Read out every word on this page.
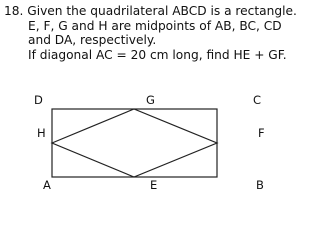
18. Given the quadrilateral ABCD is a rectangle.
E, F, G and H are midpoints of AB, BC, CD
and DA, respectively.
If diagonal AC = 20 cm long, find HE + GF.
D	G	C
H	F
A	E	B
